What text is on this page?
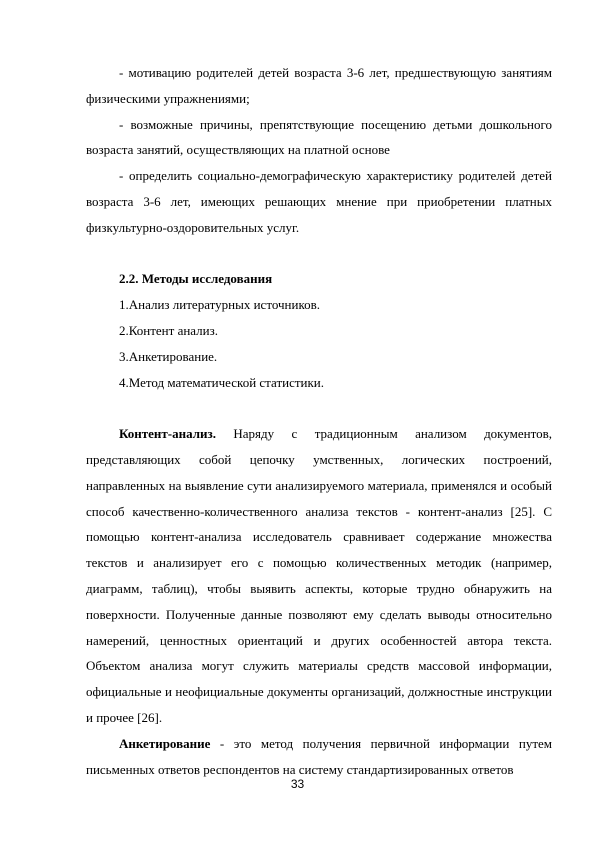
- мотивацию родителей детей возраста 3-6 лет, предшествующую занятиям физическими упражнениями;

- возможные причины, препятствующие посещению детьми дошкольного возраста занятий, осуществляющих на платной основе

- определить социально-демографическую характеристику родителей детей возраста 3-6 лет, имеющих решающих мнение при приобретении платных физкультурно-оздоровительных услуг.

2.2. Методы исследования

1.Анализ литературных источников.

2.Контент анализ.

3.Анкетирование.

4.Метод математической статистики.

Контент-анализ. Наряду с традиционным анализом документов, представляющих собой цепочку умственных, логических построений, направленных на выявление сути анализируемого материала, применялся и особый способ качественно-количественного анализа текстов - контент-анализ [25]. С помощью контент-анализа исследователь сравнивает содержание множества текстов и анализирует его с помощью количественных методик (например, диаграмм, таблиц), чтобы выявить аспекты, которые трудно обнаружить на поверхности. Полученные данные позволяют ему сделать выводы относительно намерений, ценностных ориентаций и других особенностей автора текста. Объектом анализа могут служить материалы средств массовой информации, официальные и неофициальные документы организаций, должностные инструкции и прочее [26].

Анкетирование - это метод получения первичной информации путем письменных ответов респондентов на систему стандартизированных ответов

33
